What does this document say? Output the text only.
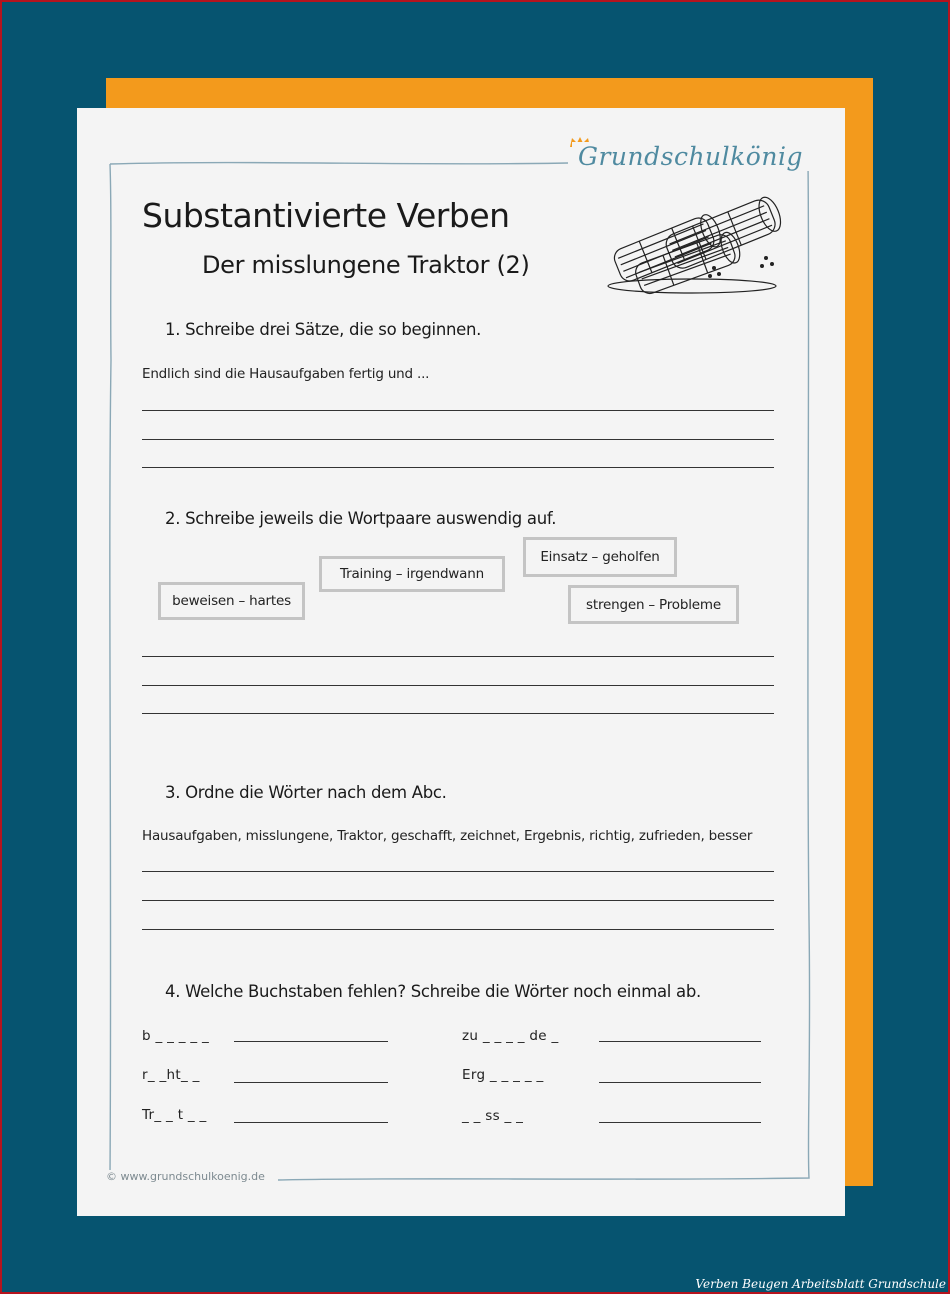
Grundschulkönig
Substantivierte Verben
Der misslungene Traktor (2)
1. Schreibe drei Sätze, die so beginnen.
Endlich sind die Hausaufgaben fertig und ...
2. Schreibe jeweils die Wortpaare auswendig auf.
Training – irgendwann
Einsatz – geholfen
beweisen – hartes	strengen – Probleme
3. Ordne die Wörter nach dem Abc.
Hausaufgaben, misslungene, Traktor, geschafft, zeichnet, Ergebnis, richtig, zufrieden, besser
4. Welche Buchstaben fehlen? Schreibe die Wörter noch einmal ab.
b _ _ _ _ _	zu _ _ _ _ de _
r_ _ht_ _	Erg _ _ _ _ _
Tr_ _ t _ _	_ _ ss _ _
© www.grundschulkoenig.de
Verben Beugen Arbeitsblatt Grundschule
